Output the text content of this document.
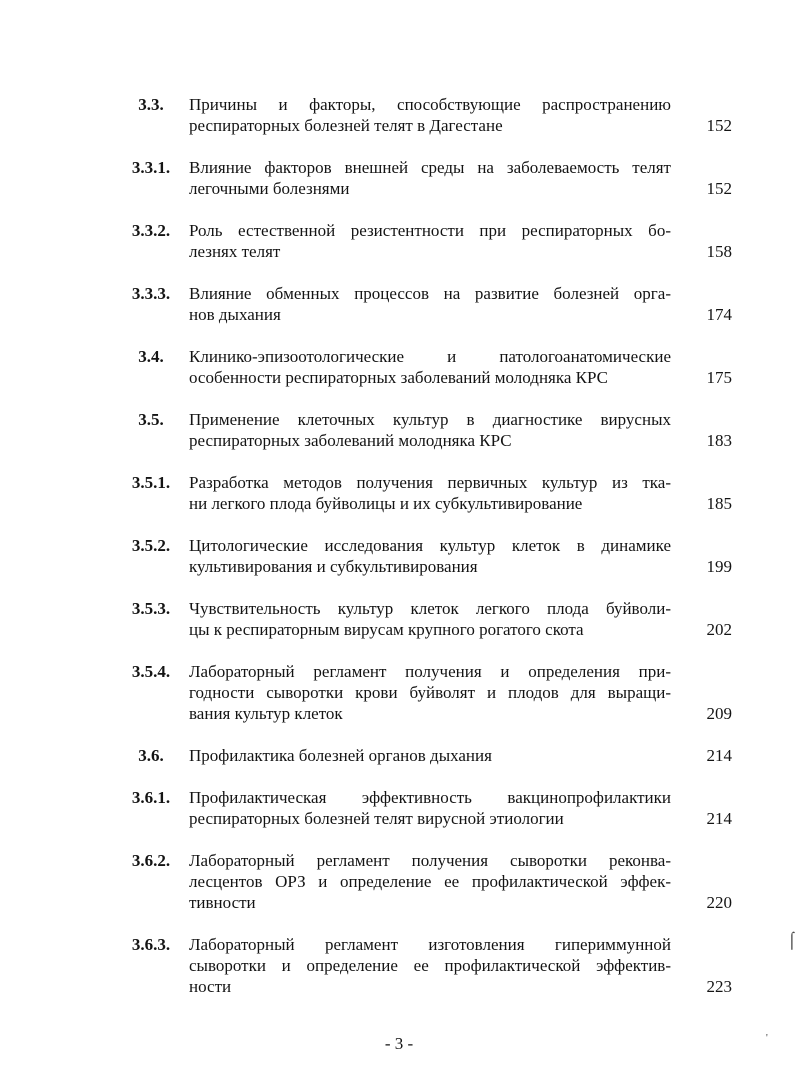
3.3.	Причины и факторы, способствующие распространению
респираторных болезней телят в Дагестане	152
3.3.1.	Влияние факторов внешней среды на заболеваемость телят
легочными болезнями	152
3.3.2.	Роль естественной резистентности при респираторных бо-
лезнях телят	158
3.3.3.	Влияние обменных процессов на развитие болезней орга-
нов дыхания	174
3.4.	Клинико-эпизоотологические и патологоанатомические
особенности респираторных заболеваний молодняка КРС	175
3.5.	Применение клеточных культур в диагностике вирусных
респираторных заболеваний молодняка КРС	183
3.5.1.	Разработка методов получения первичных культур из тка-
ни легкого плода буйволицы и их субкультивирование	185
3.5.2.	Цитологические исследования культур клеток в динамике
культивирования и субкультивирования	199
3.5.3.	Чувствительность культур клеток легкого плода буйволи-
цы к респираторным вирусам крупного рогатого скота	202
3.5.4.	Лабораторный регламент получения и определения при-
годности сыворотки крови буйволят и плодов для выращи-
вания культур клеток	209
3.6.	Профилактика болезней органов дыхания	214
3.6.1.	Профилактическая эффективность вакцинопрофилактики
респираторных болезней телят вирусной этиологии	214
3.6.2.	Лабораторный регламент получения сыворотки реконва-
лесцентов ОРЗ и определение ее профилактической эффек-
тивности	220
3.6.3.	Лабораторный регламент изготовления гипериммунной
сыворотки и определение ее профилактической эффектив-
ности	223
- 3 -
⌠
'
